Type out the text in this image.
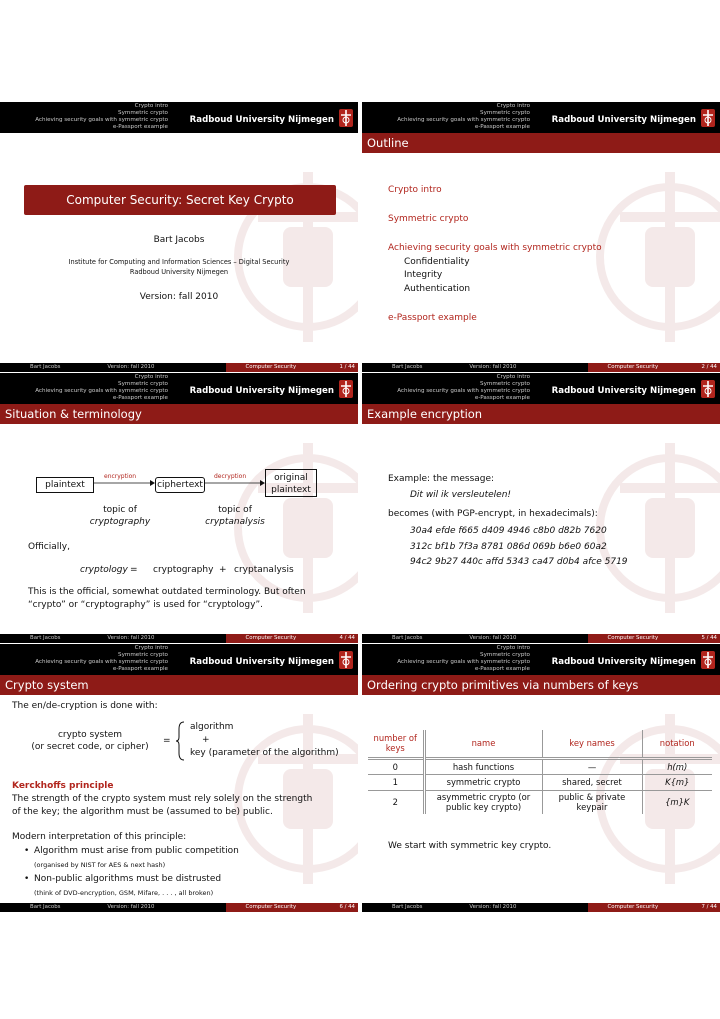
Crypto intro
Symmetric crypto
Achieving security goals with symmetric crypto
e-Passport example
Radboud University Nijmegen
Computer Security: Secret Key Crypto
Bart Jacobs
Institute for Computing and Information Sciences – Digital Security
Radboud University Nijmegen
Version: fall 2010
Bart Jacobs	Version: fall 2010	Computer Security	1 / 44
Crypto intro
Symmetric crypto
Achieving security goals with symmetric crypto
e-Passport example
Radboud University Nijmegen
Outline
Crypto intro
Symmetric crypto
Achieving security goals with symmetric crypto
Confidentiality
Integrity
Authentication
e-Passport example
Bart Jacobs	Version: fall 2010	Computer Security	2 / 44
Crypto intro
Symmetric crypto
Achieving security goals with symmetric crypto
e-Passport example
Radboud University Nijmegen
Situation & terminology
plaintext
encryption
ciphertext
decryption	original
plaintext
topic of
cryptography
topic of
cryptanalysis
Officially,
cryptology = cryptography + cryptanalysis
This is the official, somewhat outdated terminology. But often
“crypto” or “cryptography” is used for “cryptology”.
Bart Jacobs	Version: fall 2010	Computer Security	4 / 44
Crypto intro
Symmetric crypto
Achieving security goals with symmetric crypto
e-Passport example
Radboud University Nijmegen
Example encryption
Example: the message:
Dit wil ik versleutelen!
becomes (with PGP-encrypt, in hexadecimals):
30a4 efde f665 d409 4946 c8b0 d82b 7620
312c bf1b 7f3a 8781 086d 069b b6e0 60a2
94c2 9b27 440c affd 5343 ca47 d0b4 afce 5719
Bart Jacobs	Version: fall 2010	Computer Security	5 / 44
Crypto intro
Symmetric crypto
Achieving security goals with symmetric crypto
e-Passport example
Radboud University Nijmegen
Crypto system
The en/de-cryption is done with:
crypto system
(or secret code, or cipher)
=
algorithm
+
key (parameter of the algorithm)
Kerckhoffs principle
The strength of the crypto system must rely solely on the strength
of the key; the algorithm must be (assumed to be) public.
Modern interpretation of this principle:
• Algorithm must arise from public competition
(organised by NIST for AES & next hash)
• Non-public algorithms must be distrusted
(think of DVD-encryption, GSM, Mifare, . . . , all broken)
Bart Jacobs	Version: fall 2010	Computer Security	6 / 44
Crypto intro
Symmetric crypto
Achieving security goals with symmetric crypto
e-Passport example
Radboud University Nijmegen
Ordering crypto primitives via numbers of keys
number of keys	name	key names	notation
0	hash functions	—	h(m)
1	symmetric crypto	shared, secret	K{m}
2	asymmetric crypto (or public key crypto)	public & private keypair	{m}K
We start with symmetric key crypto.
Bart Jacobs	Version: fall 2010	Computer Security	7 / 44
